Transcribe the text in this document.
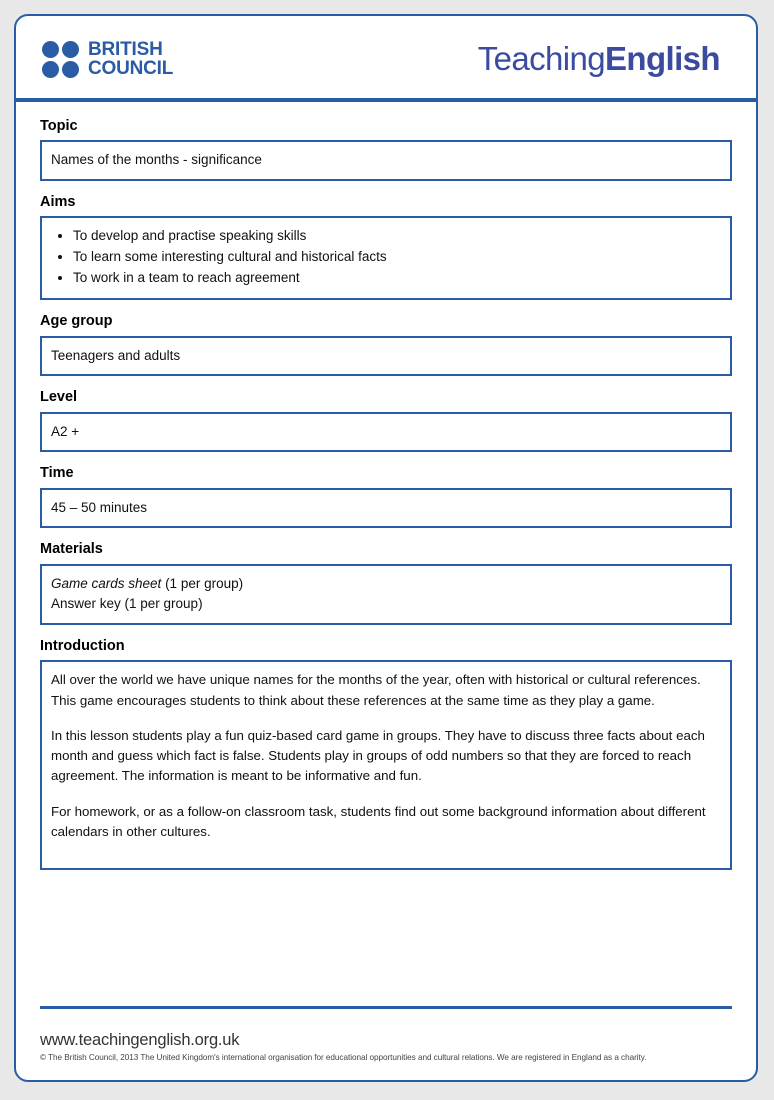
BRITISH
COUNCIL	TeachingEnglish
Topic
Names of the months - significance
Aims
• To develop and practise speaking skills
• To learn some interesting cultural and historical facts
• To work in a team to reach agreement
Age group
Teenagers and adults
Level
A2 +
Time
45 – 50 minutes
Materials
Game cards sheet (1 per group)
Answer key (1 per group)
Introduction

All over the world we have unique names for the months of the year, often with historical or cultural references. This game encourages students to think about these references at the same time as they play a game.

In this lesson students play a fun quiz-based card game in groups. They have to discuss three facts about each month and guess which fact is false. Students play in groups of odd numbers so that they are forced to reach agreement. The information is meant to be informative and fun.

For homework, or as a follow-on classroom task, students find out some background information about different calendars in other cultures.

www.teachingenglish.org.uk
© The British Council, 2013 The United Kingdom's international organisation for educational opportunities and cultural relations. We are registered in England as a charity.
